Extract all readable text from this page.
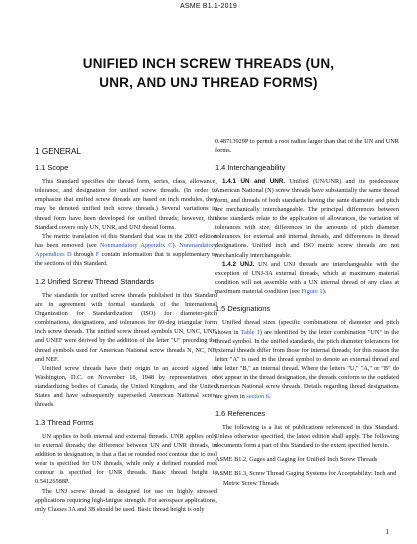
ASME B1.1-2019
UNIFIED INCH SCREW THREADS (UN,
UNR, AND UNJ THREAD FORMS)
1 GENERAL
1.1 Scope

This Standard specifies the thread form, series, class, allowance, tolerance, and designation for unified screw threads. (In order to emphasize that unified screw threads are based on inch modules, they may be denoted unified inch screw threads.) Several variations in thread form have been developed for unified threads; however, this Standard covers only UN, UNR, and UNJ thread forms.

The metric translation of this Standard that was in the 2003 edition has been removed (see Nonmandatory Appendix C). Nonmandatory Appendices D through F contain information that is supplementary to the sections of this Standard.

1.2 Unified Screw Thread Standards

The standards for unified screw threads published in this Standard are in agreement with formal standards of the International Organization for Standardization (ISO) for diameter-pitch combinations, designations, and tolerances for 60-deg triangular form inch screw threads. The unified screw thread symbols UN, UNC, UNF, and UNEF were derived by the addition of the letter "U" preceding the thread symbols used for American National screw threads N, NC, NF, and NEF.

Unified screw threads have their origin in an accord signed in Washington, D.C. on November 18, 1948 by representatives of standardizing bodies of Canada, the United Kingdom, and the United States and have subsequently superseded American National screw threads.

1.3 Thread Forms

UN applies to both internal and external threads. UNR applies only to external threads; the difference between UN and UNR threads, in addition to designation, is that a flat or rounded root contour due to tool wear is specified for UN threads, while only a defined rounded root contour is specified for UNR threads. Basic thread height is 0.54126588P.

The UNJ screw thread is designed for use on highly stressed applications requiring high-fatigue strength. For aerospace applications, only Classes 3A and 3B should be used. Basic thread height is only

0.48713929P to permit a root radius larger than that of the UN and UNR forms.

1.4 Interchangeability

1.4.1 UN and UNR. Unified (UN/UNR) and its predecessor American National (N) screw threads have substantially the same thread form, and threads of both standards having the same diameter and pitch are mechanically interchangeable. The principal differences between these standards relate to the application of allowances, the variation of tolerances with size, differences in the amounts of pitch diameter tolerances for external and internal threads, and differences in thread designations. Unified inch and ISO metric screw threads are not mechanically interchangeable.

1.4.2 UNJ. UN and UNJ threads are interchangeable with the exception of UNJ-3A external threads, which at maximum material condition will not assemble with a UN internal thread of any class at maximum material condition (see Figure 1).

1.5 Designations

Unified thread sizes (specific combinations of diameter and pitch shown in Table 1) are identified by the letter combination "UN" in the thread symbol. In the unified standards, the pitch diameter tolerances for external threads differ from those for internal threads; for this reason the letter "A" is used in the thread symbol to denote an external thread and the letter "B," an internal thread. Where the letters "U," "A," or "B" do not appear in the thread designation, the threads conform to the outdated American National screw threads. Details regarding thread designations are given in section 6.

1.6 References

The following is a list of publications referenced in this Standard. Unless otherwise specified, the latest edition shall apply. The following documents form a part of this Standard to the extent specified herein.

ASME B1.2, Gages and Gaging for Unified Inch Screw Threads

ASME B1.3, Screw Thread Gaging Systems for Acceptability: Inch and Metric Screw Threads

1
